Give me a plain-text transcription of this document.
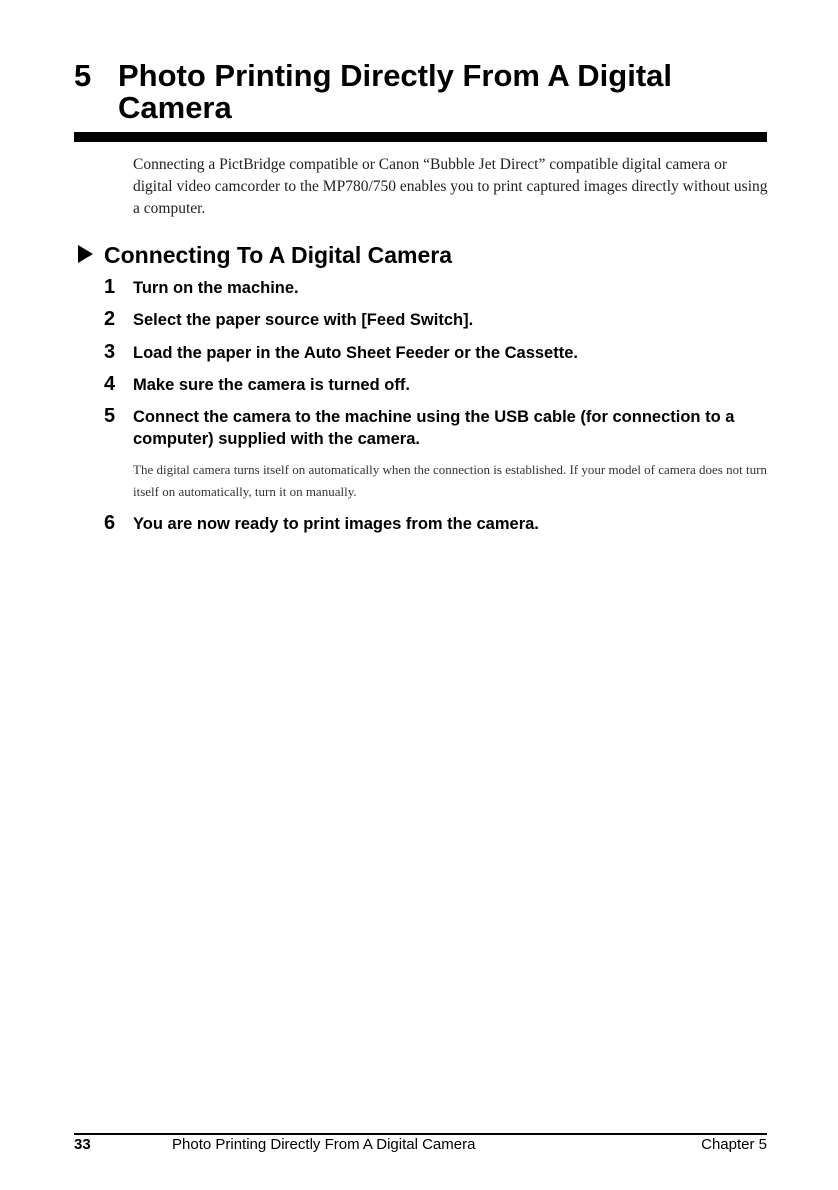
5 Photo Printing Directly From A Digital Camera

Connecting a PictBridge compatible or Canon “Bubble Jet Direct” compatible digital camera or digital video camcorder to the MP780/750 enables you to print captured images directly without using a computer.

Connecting To A Digital Camera
1 Turn on the machine.
2 Select the paper source with [Feed Switch].
3 Load the paper in the Auto Sheet Feeder or the Cassette.
4 Make sure the camera is turned off.
5 Connect the camera to the machine using the USB cable (for connection to a computer) supplied with the camera.
The digital camera turns itself on automatically when the connection is established. If your model of camera does not turn itself on automatically, turn it on manually.
6 You are now ready to print images from the camera.
33	Photo Printing Directly From A Digital Camera	Chapter 5
